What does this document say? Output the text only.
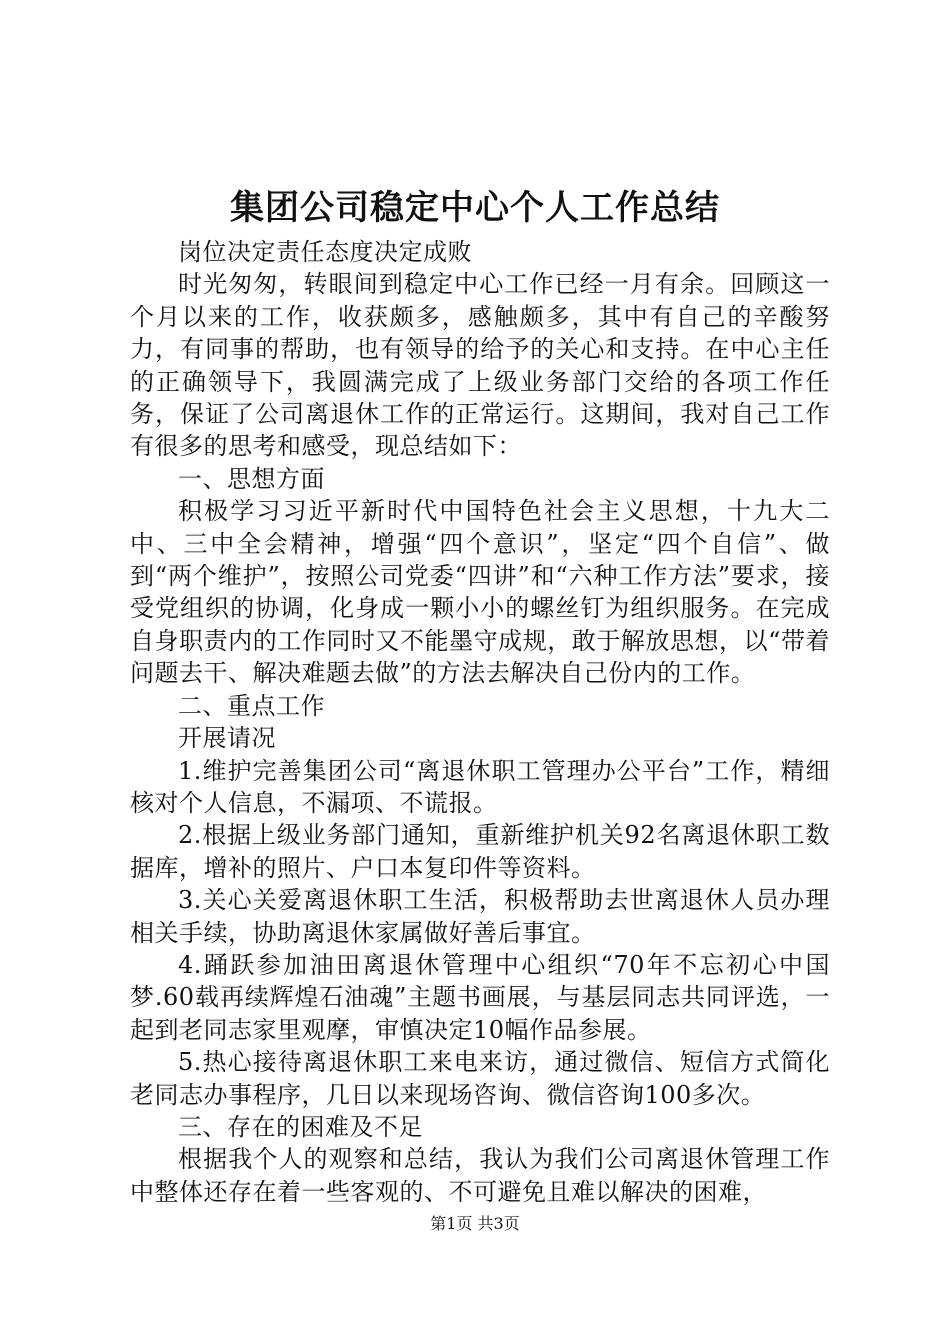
集团公司稳定中心个人工作总结

岗位决定责任态度决定成败

时光匆匆，转眼间到稳定中心工作已经一月有余。回顾这一个月以来的工作，收获颇多，感触颇多，其中有自己的辛酸努力，有同事的帮助，也有领导的给予的关心和支持。在中心主任的正确领导下，我圆满完成了上级业务部门交给的各项工作任务，保证了公司离退休工作的正常运行。这期间，我对自己工作有很多的思考和感受，现总结如下：

一、思想方面

积极学习习近平新时代中国特色社会主义思想，十九大二中、三中全会精神，增强“四个意识”，坚定“四个自信”、做到“两个维护”，按照公司党委“四讲”和“六种工作方法”要求，接受党组织的协调，化身成一颗小小的螺丝钉为组织服务。在完成自身职责内的工作同时又不能墨守成规，敢于解放思想，以“带着问题去干、解决难题去做”的方法去解决自己份内的工作。

二、重点工作

开展请况

1.维护完善集团公司“离退休职工管理办公平台”工作，精细核对个人信息，不漏项、不谎报。

2.根据上级业务部门通知，重新维护机关92名离退休职工数据库，增补的照片、户口本复印件等资料。

3.关心关爱离退休职工生活，积极帮助去世离退休人员办理相关手续，协助离退休家属做好善后事宜。

4.踊跃参加油田离退休管理中心组织“70年不忘初心中国梦.60载再续辉煌石油魂”主题书画展，与基层同志共同评选，一起到老同志家里观摩，审慎决定10幅作品参展。

5.热心接待离退休职工来电来访，通过微信、短信方式简化老同志办事程序，几日以来现场咨询、微信咨询100多次。

三、存在的困难及不足

根据我个人的观察和总结，我认为我们公司离退休管理工作中整体还存在着一些客观的、不可避免且难以解决的困难，

第1页 共3页
